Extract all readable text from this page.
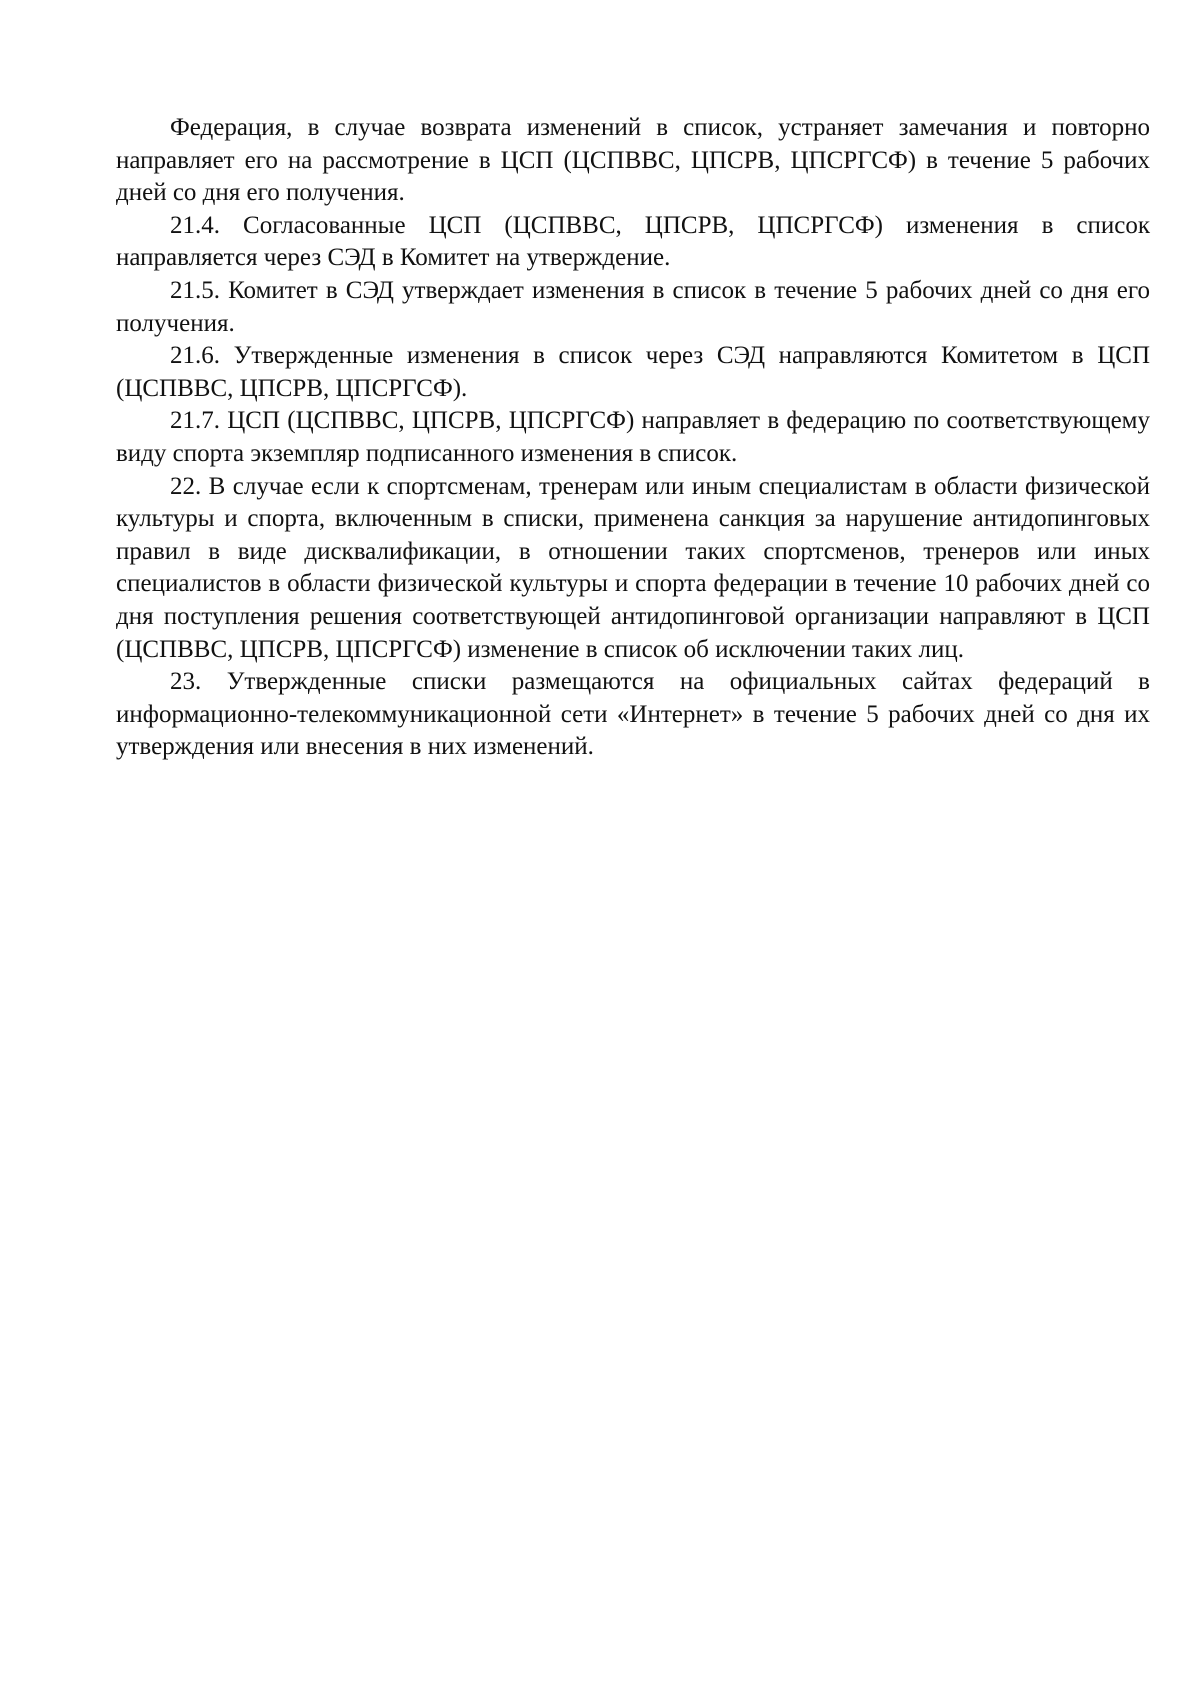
Федерация, в случае возврата изменений в список, устраняет замечания и повторно направляет его на рассмотрение в ЦСП (ЦСПВВС, ЦПСРВ, ЦПСРГСФ) в течение 5 рабочих дней со дня его получения.

21.4. Согласованные ЦСП (ЦСПВВС, ЦПСРВ, ЦПСРГСФ) изменения в список направляется через СЭД в Комитет на утверждение.

21.5. Комитет в СЭД утверждает изменения в список в течение 5 рабочих дней со дня его получения.

21.6. Утвержденные изменения в список через СЭД направляются Комитетом в ЦСП (ЦСПВВС, ЦПСРВ, ЦПСРГСФ).

21.7. ЦСП (ЦСПВВС, ЦПСРВ, ЦПСРГСФ) направляет в федерацию по соответствующему виду спорта экземпляр подписанного изменения в список.

22. В случае если к спортсменам, тренерам или иным специалистам в области физической культуры и спорта, включенным в списки, применена санкция за нарушение антидопинговых правил в виде дисквалификации, в отношении таких спортсменов, тренеров или иных специалистов в области физической культуры и спорта федерации в течение 10 рабочих дней со дня поступления решения соответствующей антидопинговой организации направляют в ЦСП (ЦСПВВС, ЦПСРВ, ЦПСРГСФ) изменение в список об исключении таких лиц.

23. Утвержденные списки размещаются на официальных сайтах федераций в информационно-телекоммуникационной сети «Интернет» в течение 5 рабочих дней со дня их утверждения или внесения в них изменений.
